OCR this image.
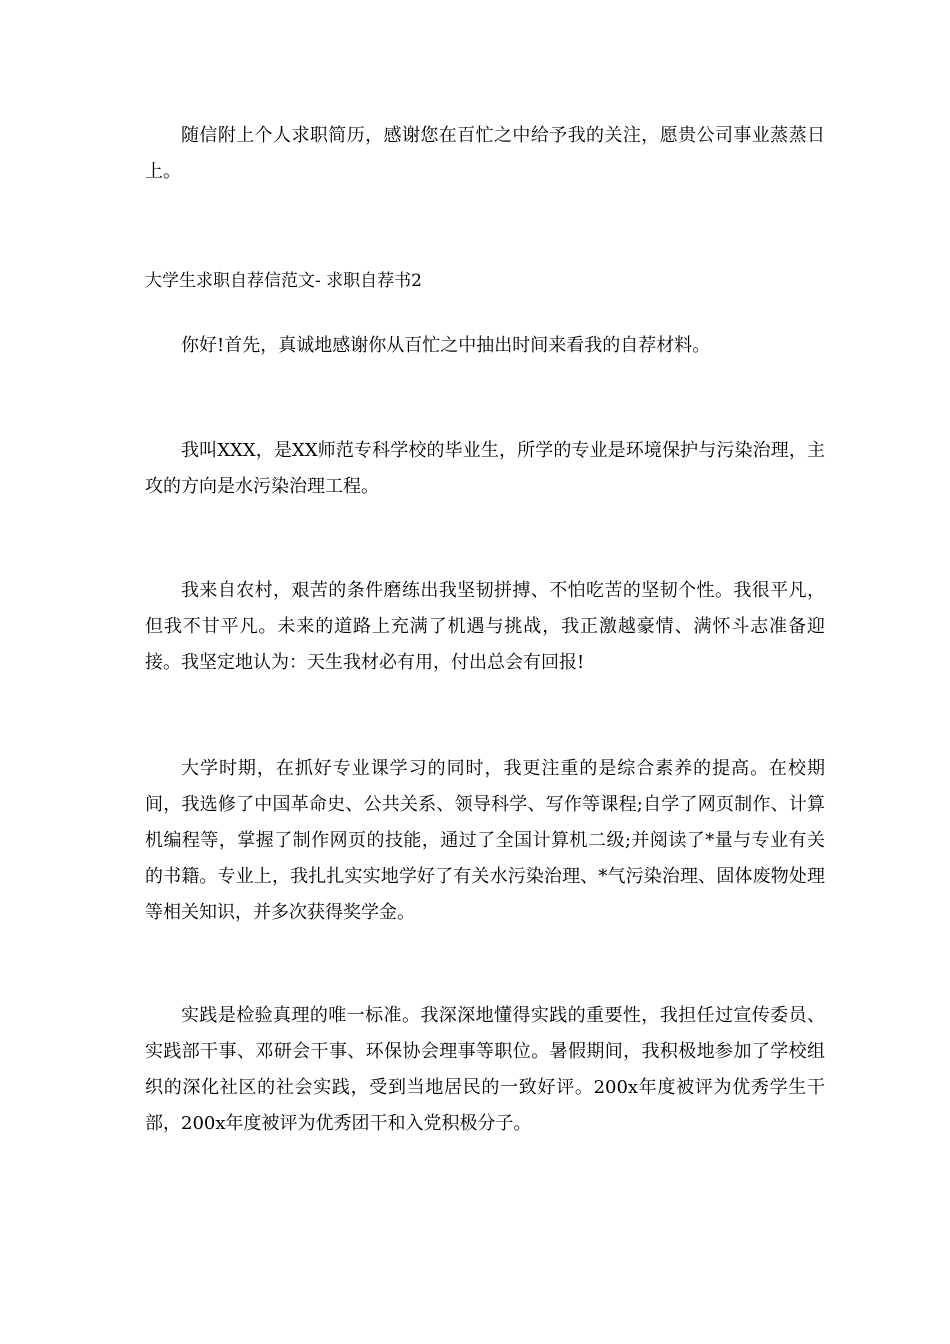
随信附上个人求职简历，感谢您在百忙之中给予我的关注，愿贵公司事业蒸蒸日上。

大学生求职自荐信范文- 求职自荐书2

你好!首先，真诚地感谢你从百忙之中抽出时间来看我的自荐材料。

我叫XXX，是XX师范专科学校的毕业生，所学的专业是环境保护与污染治理，主攻的方向是水污染治理工程。

我来自农村，艰苦的条件磨练出我坚韧拼搏、不怕吃苦的坚韧个性。我很平凡，但我不甘平凡。未来的道路上充满了机遇与挑战，我正激越豪情、满怀斗志准备迎接。我坚定地认为：天生我材必有用，付出总会有回报!

大学时期，在抓好专业课学习的同时，我更注重的是综合素养的提高。在校期间，我选修了中国革命史、公共关系、领导科学、写作等课程;自学了网页制作、计算机编程等，掌握了制作网页的技能，通过了全国计算机二级;并阅读了*量与专业有关的书籍。专业上，我扎扎实实地学好了有关水污染治理、*气污染治理、固体废物处理等相关知识，并多次获得奖学金。

实践是检验真理的唯一标准。我深深地懂得实践的重要性，我担任过宣传委员、实践部干事、邓研会干事、环保协会理事等职位。暑假期间，我积极地参加了学校组织的深化社区的社会实践，受到当地居民的一致好评。200x年度被评为优秀学生干部，200x年度被评为优秀团干和入党积极分子。
